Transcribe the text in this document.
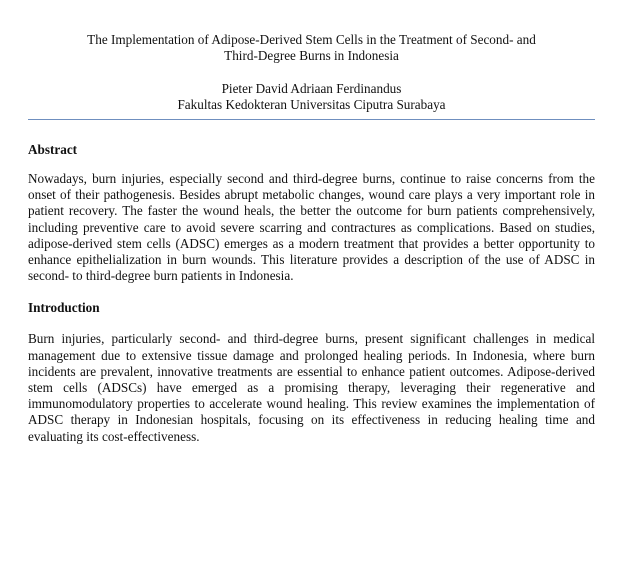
The Implementation of Adipose-Derived Stem Cells in the Treatment of Second- and
Third-Degree Burns in Indonesia
Pieter David Adriaan Ferdinandus
Fakultas Kedokteran Universitas Ciputra Surabaya
Abstract

Nowadays, burn injuries, especially second and third-degree burns, continue to raise concerns from the onset of their pathogenesis. Besides abrupt metabolic changes, wound care plays a very important role in patient recovery. The faster the wound heals, the better the outcome for burn patients comprehensively, including preventive care to avoid severe scarring and contractures as complications. Based on studies, adipose-derived stem cells (ADSC) emerges as a modern treatment that provides a better opportunity to enhance epithelialization in burn wounds. This literature provides a description of the use of ADSC in second- to third-degree burn patients in Indonesia.

Introduction

Burn injuries, particularly second- and third-degree burns, present significant challenges in medical management due to extensive tissue damage and prolonged healing periods. In Indonesia, where burn incidents are prevalent, innovative treatments are essential to enhance patient outcomes. Adipose-derived stem cells (ADSCs) have emerged as a promising therapy, leveraging their regenerative and immunomodulatory properties to accelerate wound healing. This review examines the implementation of ADSC therapy in Indonesian hospitals, focusing on its effectiveness in reducing healing time and evaluating its cost-effectiveness.
